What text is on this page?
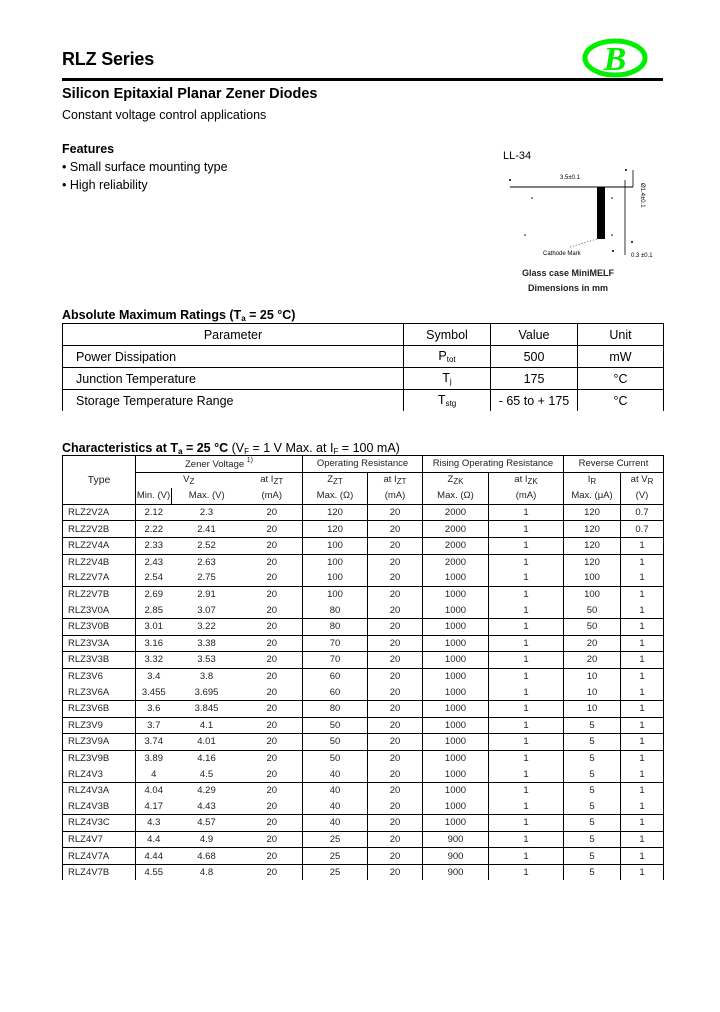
RLZ Series	B
Silicon Epitaxial Planar Zener Diodes
Constant voltage control applications
Features
• Small surface mounting type
• High reliability
LL-34
3.5±0.1
Ø1.4±0.1
Cathode Mark	0.3 ±0.1
Glass case MiniMELF
Dimensions in mm
Absolute Maximum Ratings ($T_a = 25$ °C)
Parameter	Symbol	Value	Unit
Power Dissipation	$P_{tot}$	500	mW
Junction Temperature	$T_j$	175	°C
Storage Temperature Range	$T_{stg}$	- 65 to + 175	°C
Characteristics at $T_a = 25$ °C ($V_F = 1$ V Max. at $I_F = 100$ mA)
Type	Zener Voltage $^{1)}$			Operating Resistance		Rising Operating Resistance		Reverse Current	
	$V_Z$		at $I_{ZT}$	$Z_{ZT}$	at $I_{ZT}$	$Z_{ZK}$	at $I_{ZK}$	$I_R$	at $V_R$
	Min. (V)	Max. (V)	(mA)	Max. (Ω)	(mA)	Max. (Ω)	(mA)	Max. (μA)	(V)
RLZ2V2A	2.12	2.3	20	120	20	2000	1	120	0.7
RLZ2V2B	2.22	2.41	20	120	20	2000	1	120	0.7
RLZ2V4A	2.33	2.52	20	100	20	2000	1	120	1
RLZ2V4B	2.43	2.63	20	100	20	2000	1	120	1
RLZ2V7A	2.54	2.75	20	100	20	1000	1	100	1
RLZ2V7B	2.69	2.91	20	100	20	1000	1	100	1
RLZ3V0A	2.85	3.07	20	80	20	1000	1	50	1
RLZ3V0B	3.01	3.22	20	80	20	1000	1	50	1
RLZ3V3A	3.16	3.38	20	70	20	1000	1	20	1
RLZ3V3B	3.32	3.53	20	70	20	1000	1	20	1
RLZ3V6	3.4	3.8	20	60	20	1000	1	10	1
RLZ3V6A	3.455	3.695	20	60	20	1000	1	10	1
RLZ3V6B	3.6	3.845	20	80	20	1000	1	10	1
RLZ3V9	3.7	4.1	20	50	20	1000	1	5	1
RLZ3V9A	3.74	4.01	20	50	20	1000	1	5	1
RLZ3V9B	3.89	4.16	20	50	20	1000	1	5	1
RLZ4V3	4	4.5	20	40	20	1000	1	5	1
RLZ4V3A	4.04	4.29	20	40	20	1000	1	5	1
RLZ4V3B	4.17	4.43	20	40	20	1000	1	5	1
RLZ4V3C	4.3	4.57	20	40	20	1000	1	5	1
RLZ4V7	4.4	4.9	20	25	20	900	1	5	1
RLZ4V7A	4.44	4.68	20	25	20	900	1	5	1
RLZ4V7B	4.55	4.8	20	25	20	900	1	5	1
